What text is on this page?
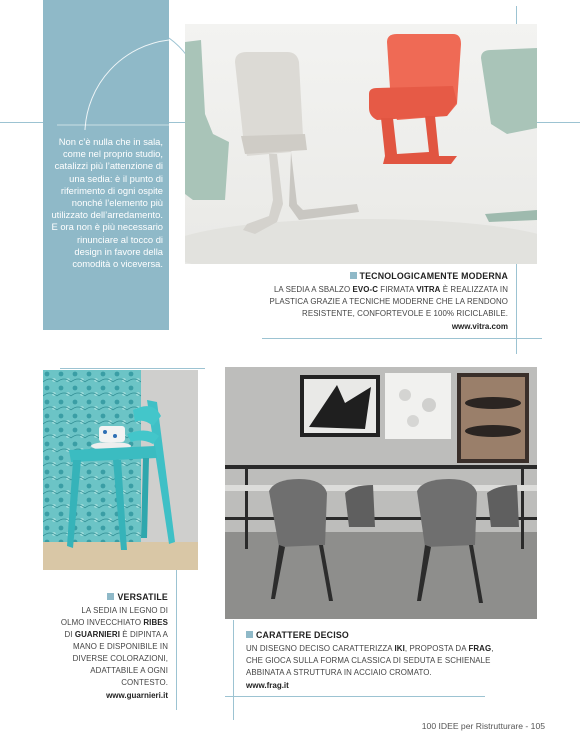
Non c’è nulla che in sala, come nel proprio studio, catalizzi più l’attenzione di una sedia: è il punto di riferimento di ogni ospite nonché l’elemento più utilizzato dell’arredamento. E ora non è più necessario rinunciare al tocco di design in favore della comodità o viceversa.

TECNOLOGICAMENTE MODERNA
LA SEDIA A SBALZO EVO-C FIRMATA VITRA È REALIZZATA IN PLASTICA GRAZIE A TECNICHE MODERNE CHE LA RENDONO RESISTENTE, CONFORTEVOLE E 100% RICICLABILE.
www.vitra.com
VERSATILE
LA SEDIA IN LEGNO DI OLMO INVECCHIATO RIBES DI GUARNIERI È DIPINTA A MANO E DISPONIBILE IN DIVERSE COLORAZIONI, ADATTABILE A OGNI CONTESTO.
www.guarnieri.it
CARATTERE DECISO
UN DISEGNO DECISO CARATTERIZZA IKI, PROPOSTA DA FRAG, CHE GIOCA SULLA FORMA CLASSICA DI SEDUTA E SCHIENALE ABBINATA A STRUTTURA IN ACCIAIO CROMATO.
www.frag.it
100 IDEE per Ristrutturare - 105
